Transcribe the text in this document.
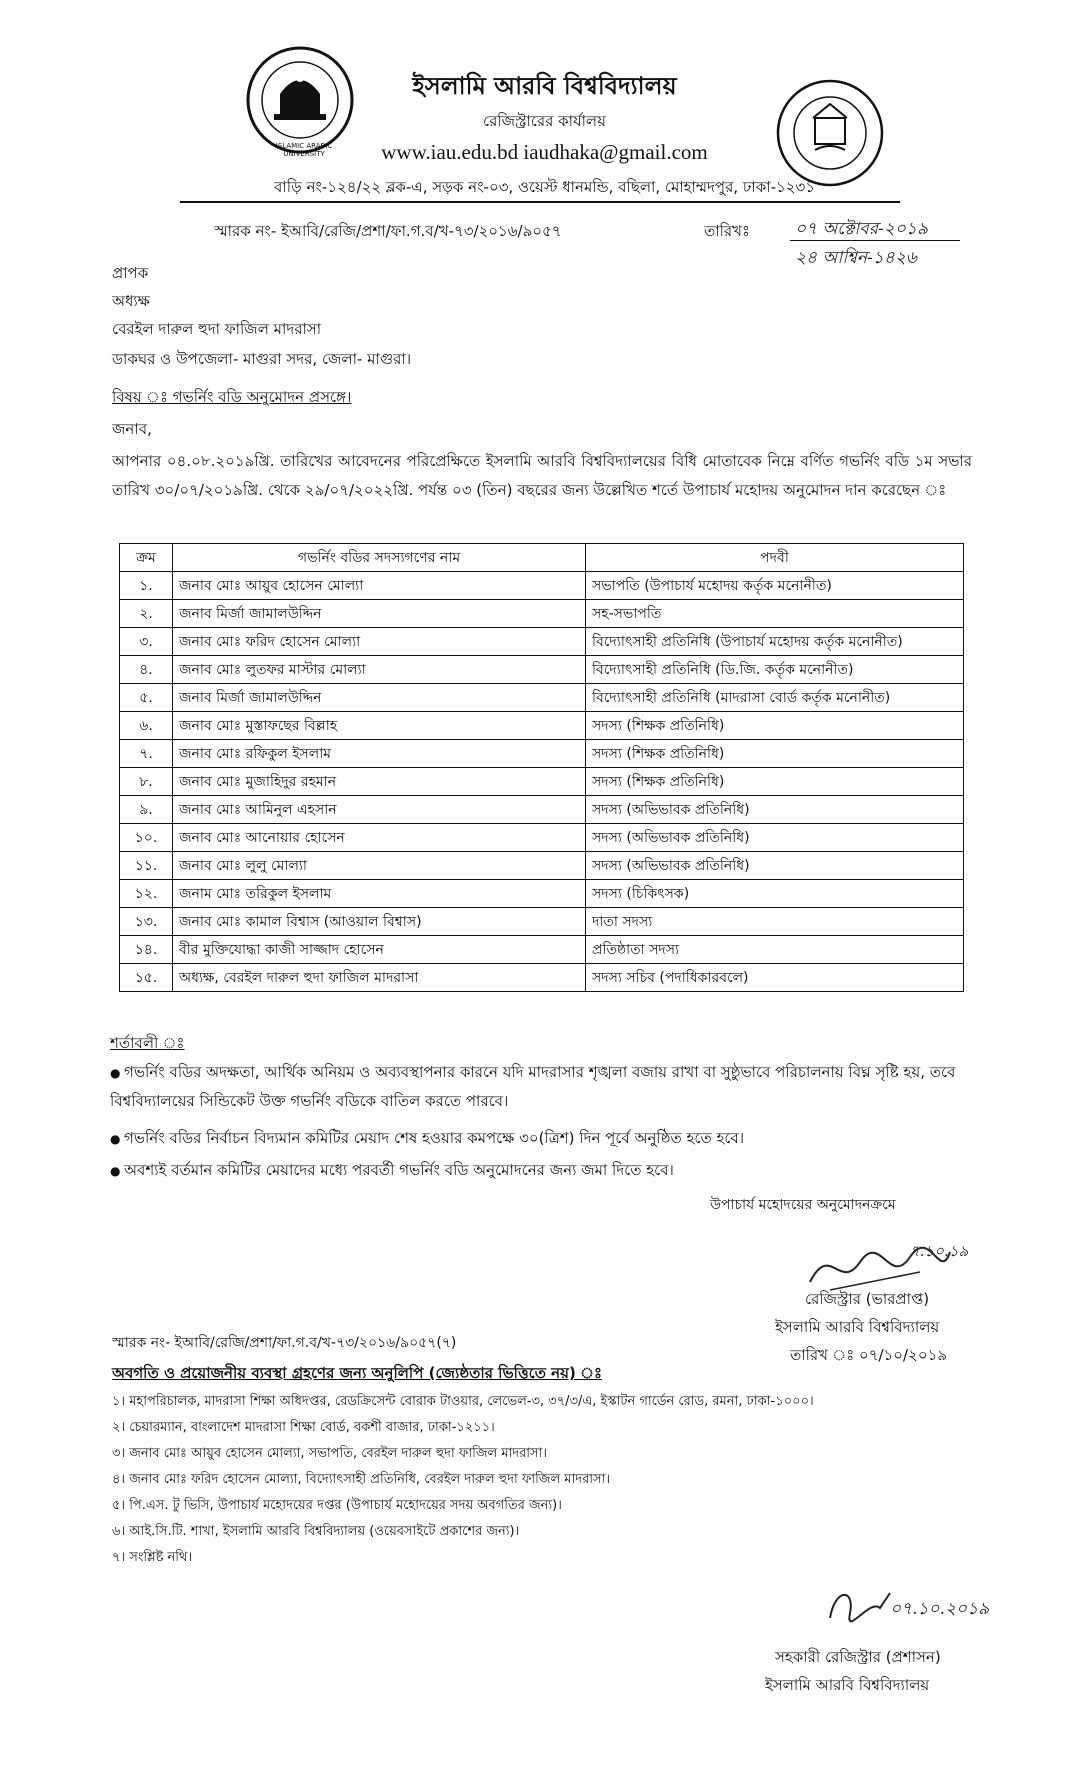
ISLAMIC ARABIC UNIVERSITY
ইসলামি আরবি বিশ্ববিদ্যালয়
রেজিস্ট্রারের কার্যালয়
www.iau.edu.bd iaudhaka@gmail.com
বাড়ি নং-১২৪/২২ ব্লক-এ, সড়ক নং-০৩, ওয়েস্ট ধানমন্ডি, বছিলা, মোহাম্মদপুর, ঢাকা-১২৩১
স্মারক নং- ইআবি/রেজি/প্রশা/ফা.গ.ব/খ-৭৩/২০১৬/৯০৫৭	তারিখঃ	০৭ অক্টোবর-২০১৯
২৪ আশ্বিন-১৪২৬
প্রাপক
অধ্যক্ষ
বেরইল দারুল হুদা ফাজিল মাদরাসা
ডাকঘর ও উপজেলা- মাগুরা সদর, জেলা- মাগুরা।
বিষয় ঃ গভর্নিং বডি অনুমোদন প্রসঙ্গে।
জনাব,
আপনার ০৪.০৮.২০১৯খ্রি. তারিখের আবেদনের পরিপ্রেক্ষিতে ইসলামি আরবি বিশ্ববিদ্যালয়ের বিধি মোতাবেক নিম্নে বর্ণিত গভর্নিং বডি ১ম সভার তারিখ ৩০/০৭/২০১৯খ্রি. থেকে ২৯/০৭/২০২২খ্রি. পর্যন্ত ০৩ (তিন) বছরের জন্য উল্লেখিত শর্তে উপাচার্য মহোদয় অনুমোদন দান করেছেন ঃ
ক্রম	গভর্নিং বডির সদস্যগণের নাম	পদবী
১.	জনাব মোঃ আয়ুব হোসেন মোল্যা	সভাপতি (উপাচার্য মহোদয় কর্তৃক মনোনীত)
২.	জনাব মির্জা জামালউদ্দিন	সহ-সভাপতি
৩.	জনাব মোঃ ফরিদ হোসেন মোল্যা	বিদ্যোৎসাহী প্রতিনিধি (উপাচার্য মহোদয় কর্তৃক মনোনীত)
৪.	জনাব মোঃ লুতফর মাস্টার মোল্যা	বিদ্যোৎসাহী প্রতিনিধি (ডি.জি. কর্তৃক মনোনীত)
৫.	জনাব মির্জা জামালউদ্দিন	বিদ্যোৎসাহী প্রতিনিধি (মাদরাসা বোর্ড কর্তৃক মনোনীত)
৬.	জনাব মোঃ মুস্তাফছের বিল্লাহ	সদস্য (শিক্ষক প্রতিনিধি)
৭.	জনাব মোঃ রফিকুল ইসলাম	সদস্য (শিক্ষক প্রতিনিধি)
৮.	জনাব মোঃ মুজাহিদুর রহমান	সদস্য (শিক্ষক প্রতিনিধি)
৯.	জনাব মোঃ আমিনুল এহসান	সদস্য (অভিভাবক প্রতিনিধি)
১০.	জনাব মোঃ আনোয়ার হোসেন	সদস্য (অভিভাবক প্রতিনিধি)
১১.	জনাব মোঃ লুলু মোল্যা	সদস্য (অভিভাবক প্রতিনিধি)
১২.	জনাম মোঃ তরিকুল ইসলাম	সদস্য (চিকিৎসক)
১৩.	জনাব মোঃ কামাল বিশ্বাস (আওয়াল বিশ্বাস)	দাতা সদস্য
১৪.	বীর মুক্তিযোদ্ধা কাজী সাজ্জাদ হোসেন	প্রতিষ্ঠাতা সদস্য
১৫.	অধ্যক্ষ, বেরইল দারুল হুদা ফাজিল মাদরাসা	সদস্য সচিব (পদাধিকারবলে)
শর্তাবলী ঃ
● গভর্নিং বডির অদক্ষতা, আর্থিক অনিয়ম ও অব্যবস্থাপনার কারনে যদি মাদরাসার শৃঙ্খলা বজায় রাখা বা সুষ্ঠুভাবে পরিচালনায় বিঘ্ন সৃষ্টি হয়, তবে বিশ্ববিদ্যালয়ের সিন্ডিকেট উক্ত গভর্নিং বডিকে বাতিল করতে পারবে।
● গভর্নিং বডির নির্বাচন বিদ্যমান কমিটির মেয়াদ শেষ হওয়ার কমপক্ষে ৩০(ত্রিশ) দিন পূর্বে অনুষ্ঠিত হতে হবে।
● অবশ্যই বর্তমান কমিটির মেয়াদের মধ্যে পরবর্তী গভর্নিং বডি অনুমোদনের জন্য জমা দিতে হবে।
উপাচার্য মহোদয়ের অনুমোদনক্রমে
৭.১০.১৯
রেজিস্ট্রার (ভারপ্রাপ্ত)
ইসলামি আরবি বিশ্ববিদ্যালয়
তারিখ ঃ ০৭/১০/২০১৯
স্মারক নং- ইআবি/রেজি/প্রশা/ফা.গ.ব/খ-৭৩/২০১৬/৯০৫৭(৭)
অবগতি ও প্রয়োজনীয় ব্যবস্থা গ্রহণের জন্য অনুলিপি (জ্যেষ্ঠতার ভিত্তিতে নয়) ঃ
১। মহাপরিচালক, মাদরাসা শিক্ষা অধিদপ্তর, রেডক্রিসেন্ট বোরাক টাওয়ার, লেভেল-৩, ৩৭/৩/এ, ইস্কাটন গার্ডেন রোড, রমনা, ঢাকা-১০০০।
২। চেয়ারম্যান, বাংলাদেশ মাদরাসা শিক্ষা বোর্ড, বকশী বাজার, ঢাকা-১২১১।
৩। জনাব মোঃ আয়ুব হোসেন মোল্যা, সভাপতি, বেরইল দারুল হুদা ফাজিল মাদরাসা।
৪। জনাব মোঃ ফরিদ হোসেন মোল্যা, বিদ্যোৎসাহী প্রতিনিধি, বেরইল দারুল হুদা ফাজিল মাদরাসা।
৫। পি.এস. টু ভিসি, উপাচার্য মহোদয়ের দপ্তর (উপাচার্য মহোদয়ের সদয় অবগতির জন্য)।
৬। আই.সি.টি. শাখা, ইসলামি আরবি বিশ্ববিদ্যালয় (ওয়েবসাইটে প্রকাশের জন্য)।
৭। সংশ্লিষ্ট নথি।
০৭.১০.২০১৯
সহকারী রেজিস্ট্রার (প্রশাসন)
ইসলামি আরবি বিশ্ববিদ্যালয়
